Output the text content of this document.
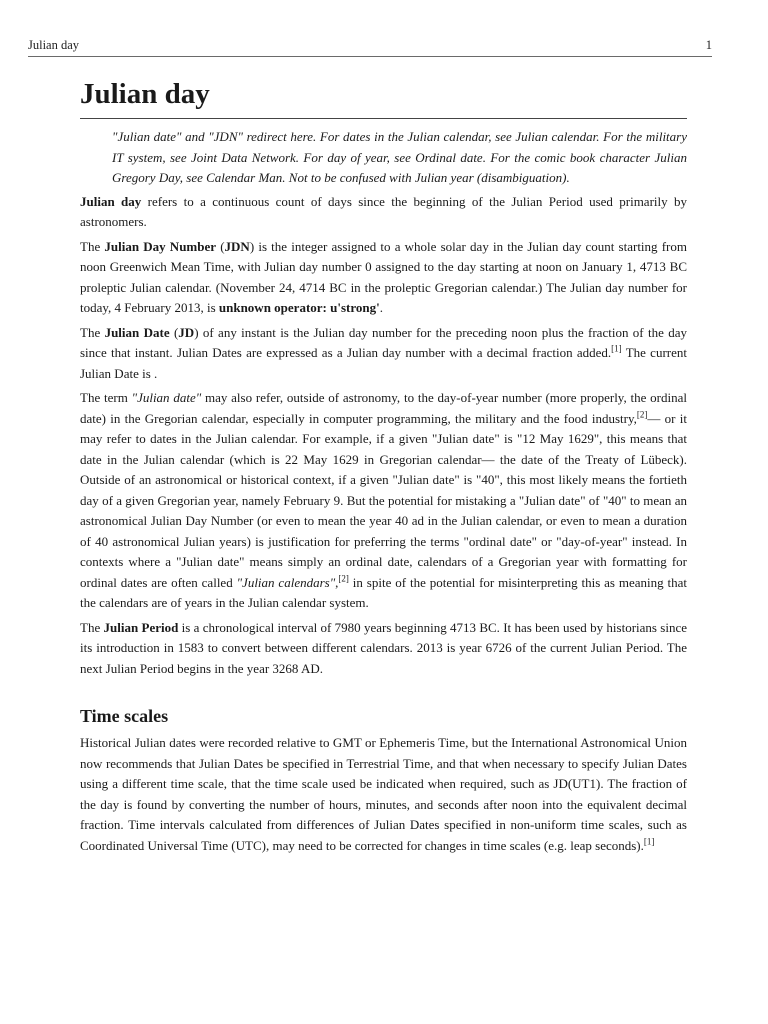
Julian day	1
Julian day
"Julian date" and "JDN" redirect here. For dates in the Julian calendar, see Julian calendar. For the military IT system, see Joint Data Network. For day of year, see Ordinal date. For the comic book character Julian Gregory Day, see Calendar Man. Not to be confused with Julian year (disambiguation).

Julian day refers to a continuous count of days since the beginning of the Julian Period used primarily by astronomers.

The Julian Day Number (JDN) is the integer assigned to a whole solar day in the Julian day count starting from noon Greenwich Mean Time, with Julian day number 0 assigned to the day starting at noon on January 1, 4713 BC proleptic Julian calendar. (November 24, 4714 BC in the proleptic Gregorian calendar.) The Julian day number for today, 4 February 2013, is unknown operator: u'strong'.

The Julian Date (JD) of any instant is the Julian day number for the preceding noon plus the fraction of the day since that instant. Julian Dates are expressed as a Julian day number with a decimal fraction added.[1] The current Julian Date is .

The term "Julian date" may also refer, outside of astronomy, to the day-of-year number (more properly, the ordinal date) in the Gregorian calendar, especially in computer programming, the military and the food industry,[2]— or it may refer to dates in the Julian calendar. For example, if a given "Julian date" is "12 May 1629", this means that date in the Julian calendar (which is 22 May 1629 in Gregorian calendar— the date of the Treaty of Lübeck). Outside of an astronomical or historical context, if a given "Julian date" is "40", this most likely means the fortieth day of a given Gregorian year, namely February 9. But the potential for mistaking a "Julian date" of "40" to mean an astronomical Julian Day Number (or even to mean the year 40 ad in the Julian calendar, or even to mean a duration of 40 astronomical Julian years) is justification for preferring the terms "ordinal date" or "day-of-year" instead. In contexts where a "Julian date" means simply an ordinal date, calendars of a Gregorian year with formatting for ordinal dates are often called "Julian calendars",[2] in spite of the potential for misinterpreting this as meaning that the calendars are of years in the Julian calendar system.

The Julian Period is a chronological interval of 7980 years beginning 4713 BC. It has been used by historians since its introduction in 1583 to convert between different calendars. 2013 is year 6726 of the current Julian Period. The next Julian Period begins in the year 3268 AD.

Time scales

Historical Julian dates were recorded relative to GMT or Ephemeris Time, but the International Astronomical Union now recommends that Julian Dates be specified in Terrestrial Time, and that when necessary to specify Julian Dates using a different time scale, that the time scale used be indicated when required, such as JD(UT1). The fraction of the day is found by converting the number of hours, minutes, and seconds after noon into the equivalent decimal fraction. Time intervals calculated from differences of Julian Dates specified in non-uniform time scales, such as Coordinated Universal Time (UTC), may need to be corrected for changes in time scales (e.g. leap seconds).[1]
